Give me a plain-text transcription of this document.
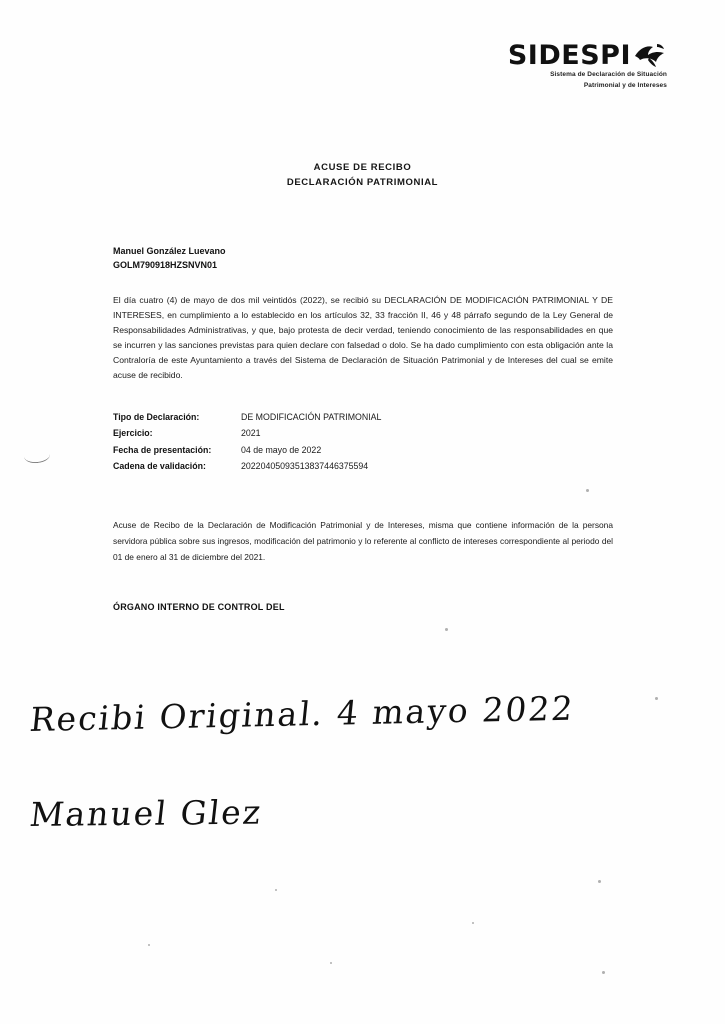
SIDESPI
Sistema de Declaración de Situación
Patrimonial y de Intereses
ACUSE DE RECIBO
DECLARACIÓN PATRIMONIAL
Manuel González Luevano
GOLM790918HZSNVN01
El día cuatro (4) de mayo de dos mil veintidós (2022), se recibió su DECLARACIÓN DE MODIFICACIÓN PATRIMONIAL Y DE INTERESES, en cumplimiento a lo establecido en los artículos 32, 33 fracción II, 46 y 48 párrafo segundo de la Ley General de Responsabilidades Administrativas, y que, bajo protesta de decir verdad, teniendo conocimiento de las responsabilidades en que se incurren y las sanciones previstas para quien declare con falsedad o dolo. Se ha dado cumplimiento con esta obligación ante la Contraloría de este Ayuntamiento a través del Sistema de Declaración de Situación Patrimonial y de Intereses del cual se emite acuse de recibido.
Tipo de Declaración:	DE MODIFICACIÓN PATRIMONIAL
Ejercicio:	2021
Fecha de presentación:	04 de mayo de 2022
Cadena de validación:	20220405093513837446375594
Acuse de Recibo de la Declaración de Modificación Patrimonial y de Intereses, misma que contiene información de la persona servidora pública sobre sus ingresos, modificación del patrimonio y lo referente al conflicto de intereses correspondiente al periodo del 01 de enero al 31 de diciembre del 2021.
ÓRGANO INTERNO DE CONTROL DEL
Recibi Original. 4 mayo 2022
Manuel Glez
